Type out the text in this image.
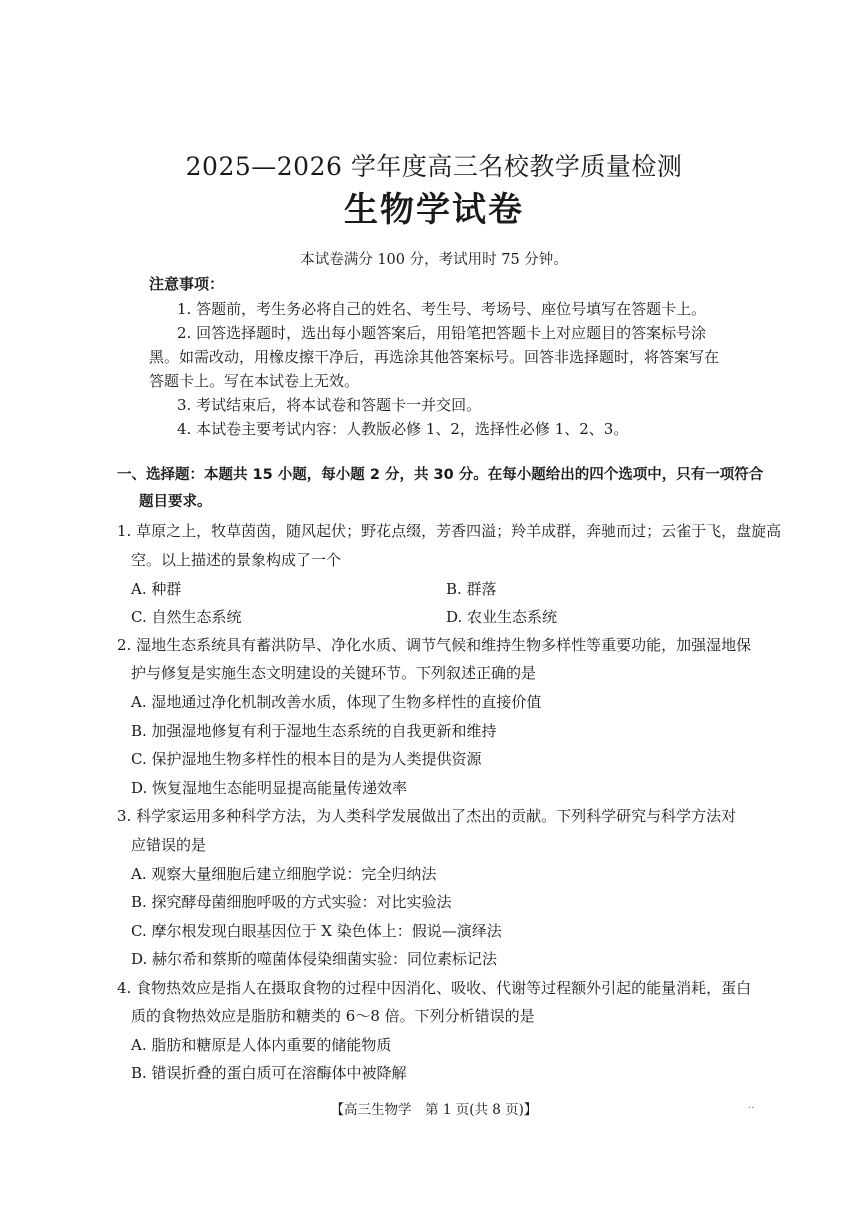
2025—2026 学年度高三名校教学质量检测
生物学试卷
本试卷满分 100 分，考试用时 75 分钟。
注意事项：
1. 答题前，考生务必将自己的姓名、考生号、考场号、座位号填写在答题卡上。
2. 回答选择题时，选出每小题答案后，用铅笔把答题卡上对应题目的答案标号涂
黑。如需改动，用橡皮擦干净后，再选涂其他答案标号。回答非选择题时，将答案写在
答题卡上。写在本试卷上无效。
3. 考试结束后，将本试卷和答题卡一并交回。
4. 本试卷主要考试内容：人教版必修 1、2，选择性必修 1、2、3。
一、选择题：本题共 15 小题，每小题 2 分，共 30 分。在每小题给出的四个选项中，只有一项符合
题目要求。
1. 草原之上，牧草茵茵，随风起伏；野花点缀，芳香四溢；羚羊成群，奔驰而过；云雀于飞，盘旋高
空。以上描述的景象构成了一个
A. 种群	B. 群落
C. 自然生态系统	D. 农业生态系统
2. 湿地生态系统具有蓄洪防旱、净化水质、调节气候和维持生物多样性等重要功能，加强湿地保
护与修复是实施生态文明建设的关键环节。下列叙述正确的是
A. 湿地通过净化机制改善水质，体现了生物多样性的直接价值
B. 加强湿地修复有利于湿地生态系统的自我更新和维持
C. 保护湿地生物多样性的根本目的是为人类提供资源
D. 恢复湿地生态能明显提高能量传递效率
3. 科学家运用多种科学方法，为人类科学发展做出了杰出的贡献。下列科学研究与科学方法对
应错误的是
A. 观察大量细胞后建立细胞学说：完全归纳法
B. 探究酵母菌细胞呼吸的方式实验：对比实验法
C. 摩尔根发现白眼基因位于 X 染色体上：假说—演绎法
D. 赫尔希和蔡斯的噬菌体侵染细菌实验：同位素标记法
4. 食物热效应是指人在摄取食物的过程中因消化、吸收、代谢等过程额外引起的能量消耗，蛋白
质的食物热效应是脂肪和糖类的 6～8 倍。下列分析错误的是
A. 脂肪和糖原是人体内重要的储能物质
B. 错误折叠的蛋白质可在溶酶体中被降解
【高三生物学　第 1 页(共 8 页)】	..
